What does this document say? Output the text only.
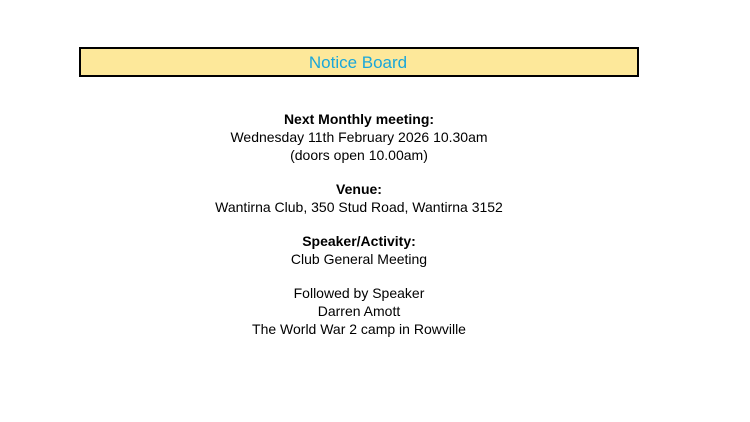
Notice Board
Next Monthly meeting:
Wednesday 11th February 2026 10.30am
(doors open 10.00am)
Venue:
Wantirna Club, 350 Stud Road, Wantirna 3152
Speaker/Activity:
Club General Meeting
Followed by Speaker
Darren Amott
The World War 2 camp in Rowville
